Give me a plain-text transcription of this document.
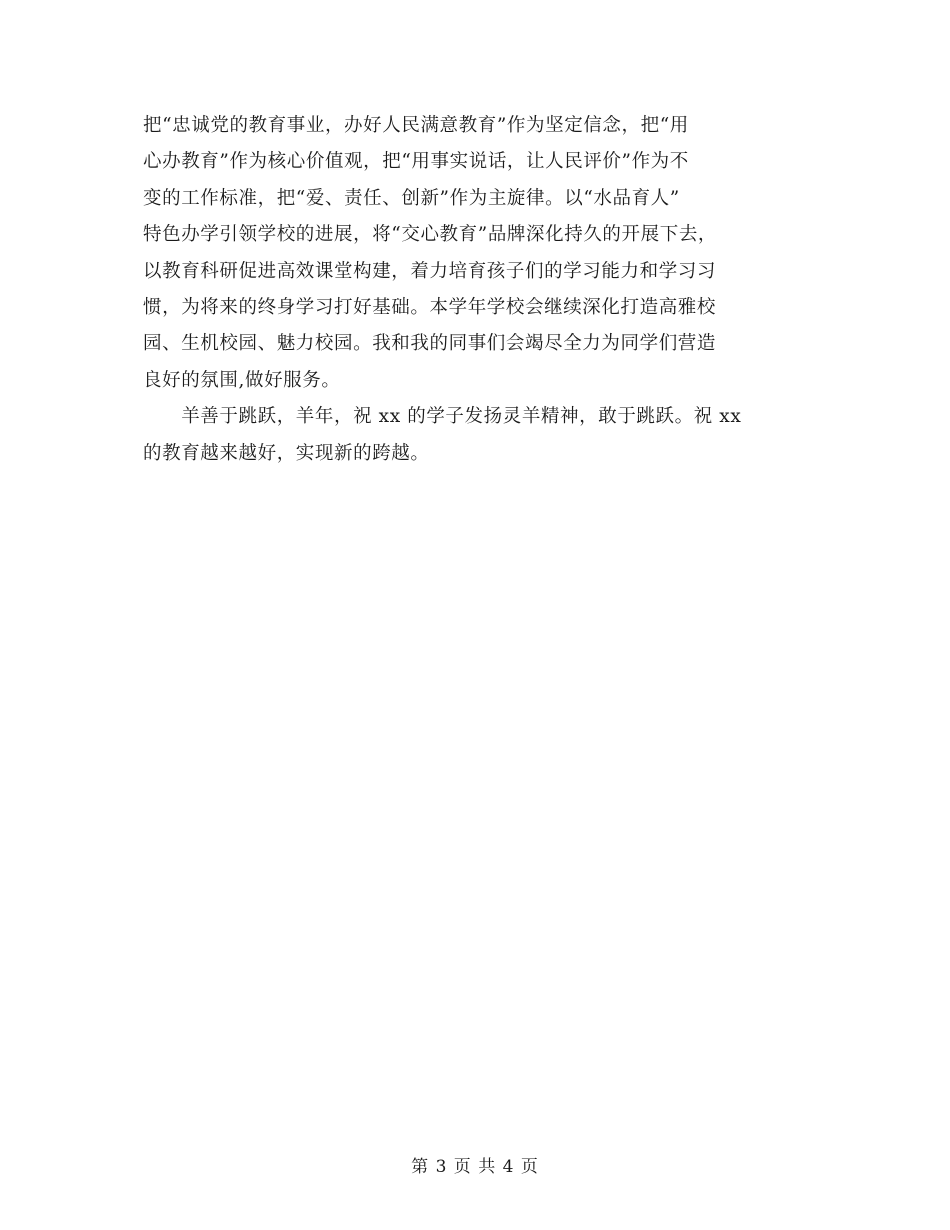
把“忠诚党的教育事业，办好人民满意教育”作为坚定信念，把“用
心办教育”作为核心价值观，把“用事实说话，让人民评价”作为不
变的工作标准，把“爱、责任、创新”作为主旋律。以“水品育人”
特色办学引领学校的进展，将“交心教育”品牌深化持久的开展下去，
以教育科研促进高效课堂构建，着力培育孩子们的学习能力和学习习
惯，为将来的终身学习打好基础。本学年学校会继续深化打造高雅校
园、生机校园、魅力校园。我和我的同事们会竭尽全力为同学们营造
良好的氛围,做好服务。
　　羊善于跳跃，羊年，祝 xx 的学子发扬灵羊精神，敢于跳跃。祝 xx
的教育越来越好，实现新的跨越。
第 3 页 共 4 页
